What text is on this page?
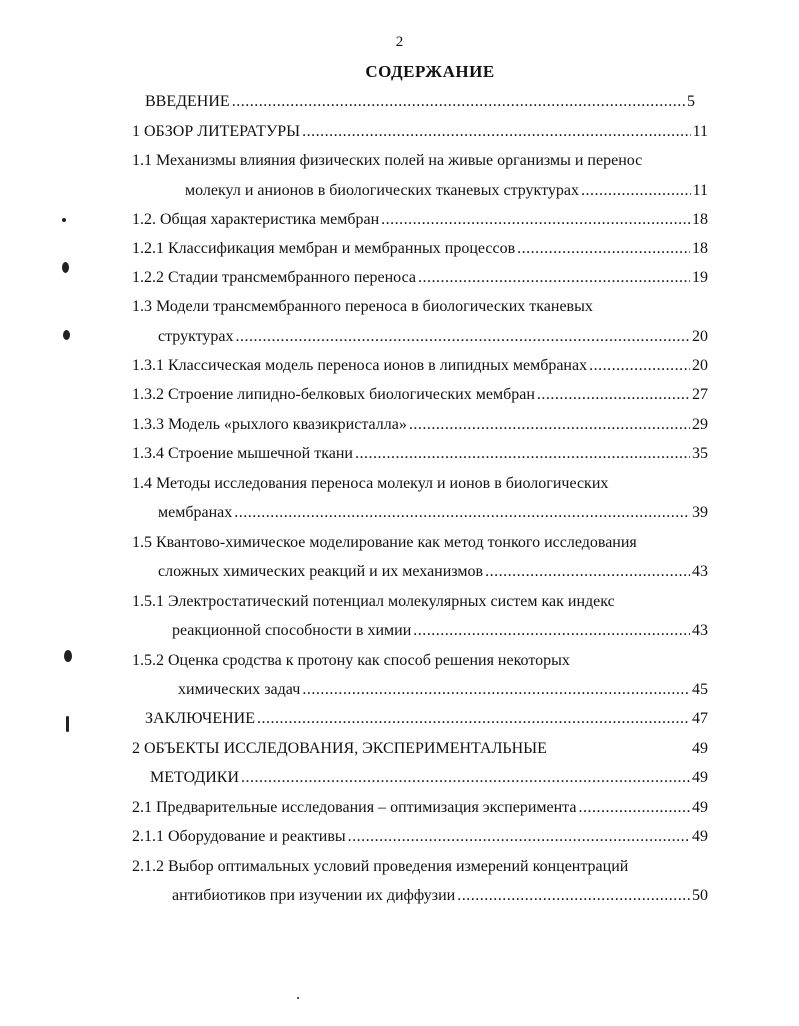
2
СОДЕРЖАНИЕ
ВВЕДЕНИЕ .....	5
1 ОБЗОР ЛИТЕРАТУРЫ .....	11
1.1 Механизмы влияния физических полей на живые организмы и перенос
молекул и анионов в биологических тканевых структурах .....	11
1.2. Общая характеристика мембран .....	18
1.2.1 Классификация мембран и мембранных процессов .....	18
1.2.2 Стадии трансмембранного переноса .....	19
1.3 Модели трансмембранного переноса в биологических тканевых
структурах .....	20
1.3.1 Классическая модель переноса ионов в липидных мембранах .....	20
1.3.2 Строение липидно-белковых биологических мембран .....	27
1.3.3 Модель «рыхлого квазикристалла» .....	29
1.3.4 Строение мышечной ткани .....	35
1.4 Методы исследования переноса молекул и ионов в биологических
мембранах .....	39
1.5 Квантово-химическое моделирование как метод тонкого исследования
сложных химических реакций и их механизмов .....	43
1.5.1 Электростатический потенциал молекулярных систем как индекс
реакционной способности в химии .....	43
1.5.2 Оценка сродства к протону как способ решения некоторых
химических задач .....	45
ЗАКЛЮЧЕНИЕ .....	47
2 ОБЪЕКТЫ ИССЛЕДОВАНИЯ, ЭКСПЕРИМЕНТАЛЬНЫЕ	49
МЕТОДИКИ .....	49
2.1 Предварительные исследования – оптимизация эксперимента .....	49
2.1.1 Оборудование и реактивы .....	49
2.1.2 Выбор оптимальных условий проведения измерений концентраций
антибиотиков при изучении их диффузии .....	50
